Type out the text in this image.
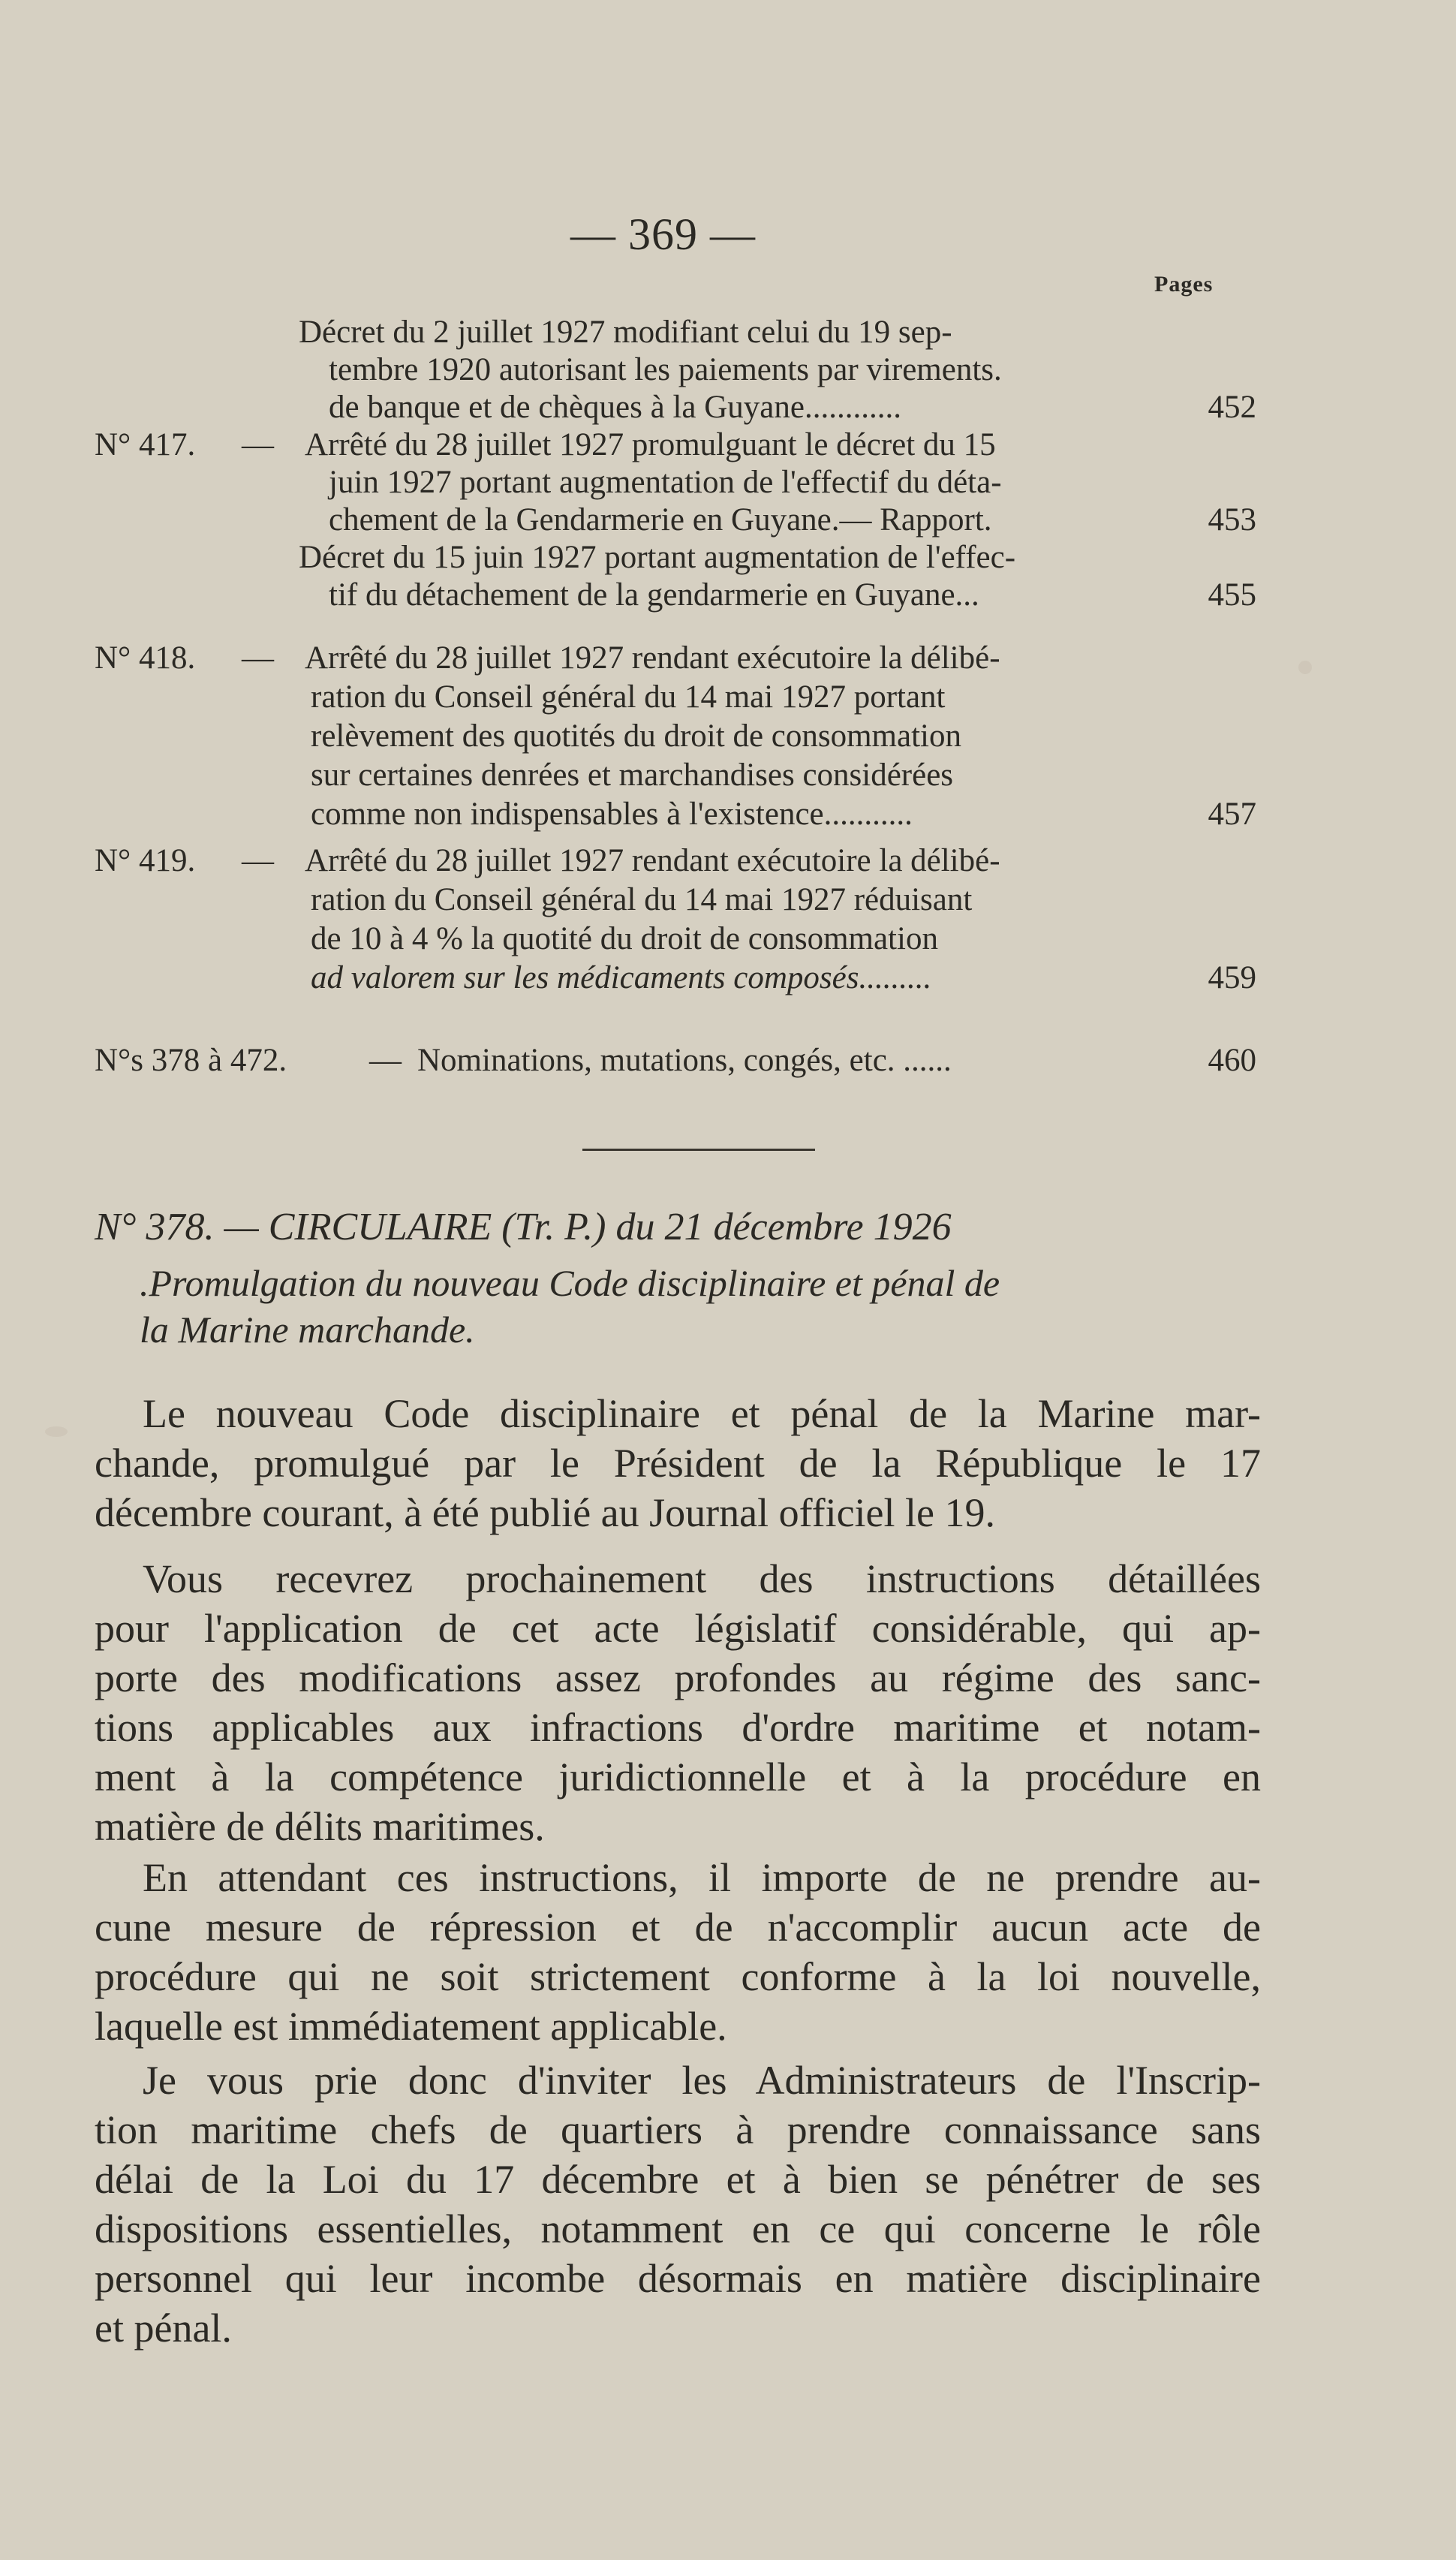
— 369 —
Pages
Décret du 2 juillet 1927 modifiant celui du 19 sep-
tembre 1920 autorisant les paiements par virements.
de banque et de chèques à la Guyane............	452
N° 417. — Arrêté du 28 juillet 1927 promulguant le décret du 15
juin 1927 portant augmentation de l'effectif du déta-
chement de la Gendarmerie en Guyane.— Rapport.	453
Décret du 15 juin 1927 portant augmentation de l'effec-
tif du détachement de la gendarmerie en Guyane...	455
N° 418. — Arrêté du 28 juillet 1927 rendant exécutoire la délibé-
ration du Conseil général du 14 mai 1927 portant
relèvement des quotités du droit de consommation
sur certaines denrées et marchandises considérées
comme non indispensables à l'existence...........	457
N° 419. — Arrêté du 28 juillet 1927 rendant exécutoire la délibé-
ration du Conseil général du 14 mai 1927 réduisant
de 10 à 4 % la quotité du droit de consommation
ad valorem sur les médicaments composés.........	459
N°s 378 à 472.	— Nominations, mutations, congés, etc. ......	460
N° 378. — CIRCULAIRE (Tr. P.) du 21 décembre 1926
.Promulgation du nouveau Code disciplinaire et pénal de
la Marine marchande.
Le nouveau Code disciplinaire et pénal de la Marine mar-
chande, promulgué par le Président de la République le 17
décembre courant, à été publié au Journal officiel le 19.
Vous recevrez prochainement des instructions détaillées
pour l'application de cet acte législatif considérable, qui ap-
porte des modifications assez profondes au régime des sanc-
tions applicables aux infractions d'ordre maritime et notam-
ment à la compétence juridictionnelle et à la procédure en
matière de délits maritimes.
En attendant ces instructions, il importe de ne prendre au-
cune mesure de répression et de n'accomplir aucun acte de
procédure qui ne soit strictement conforme à la loi nouvelle,
laquelle est immédiatement applicable.
Je vous prie donc d'inviter les Administrateurs de l'Inscrip-
tion maritime chefs de quartiers à prendre connaissance sans
délai de la Loi du 17 décembre et à bien se pénétrer de ses
dispositions essentielles, notamment en ce qui concerne le rôle
personnel qui leur incombe désormais en matière disciplinaire
et pénal.
